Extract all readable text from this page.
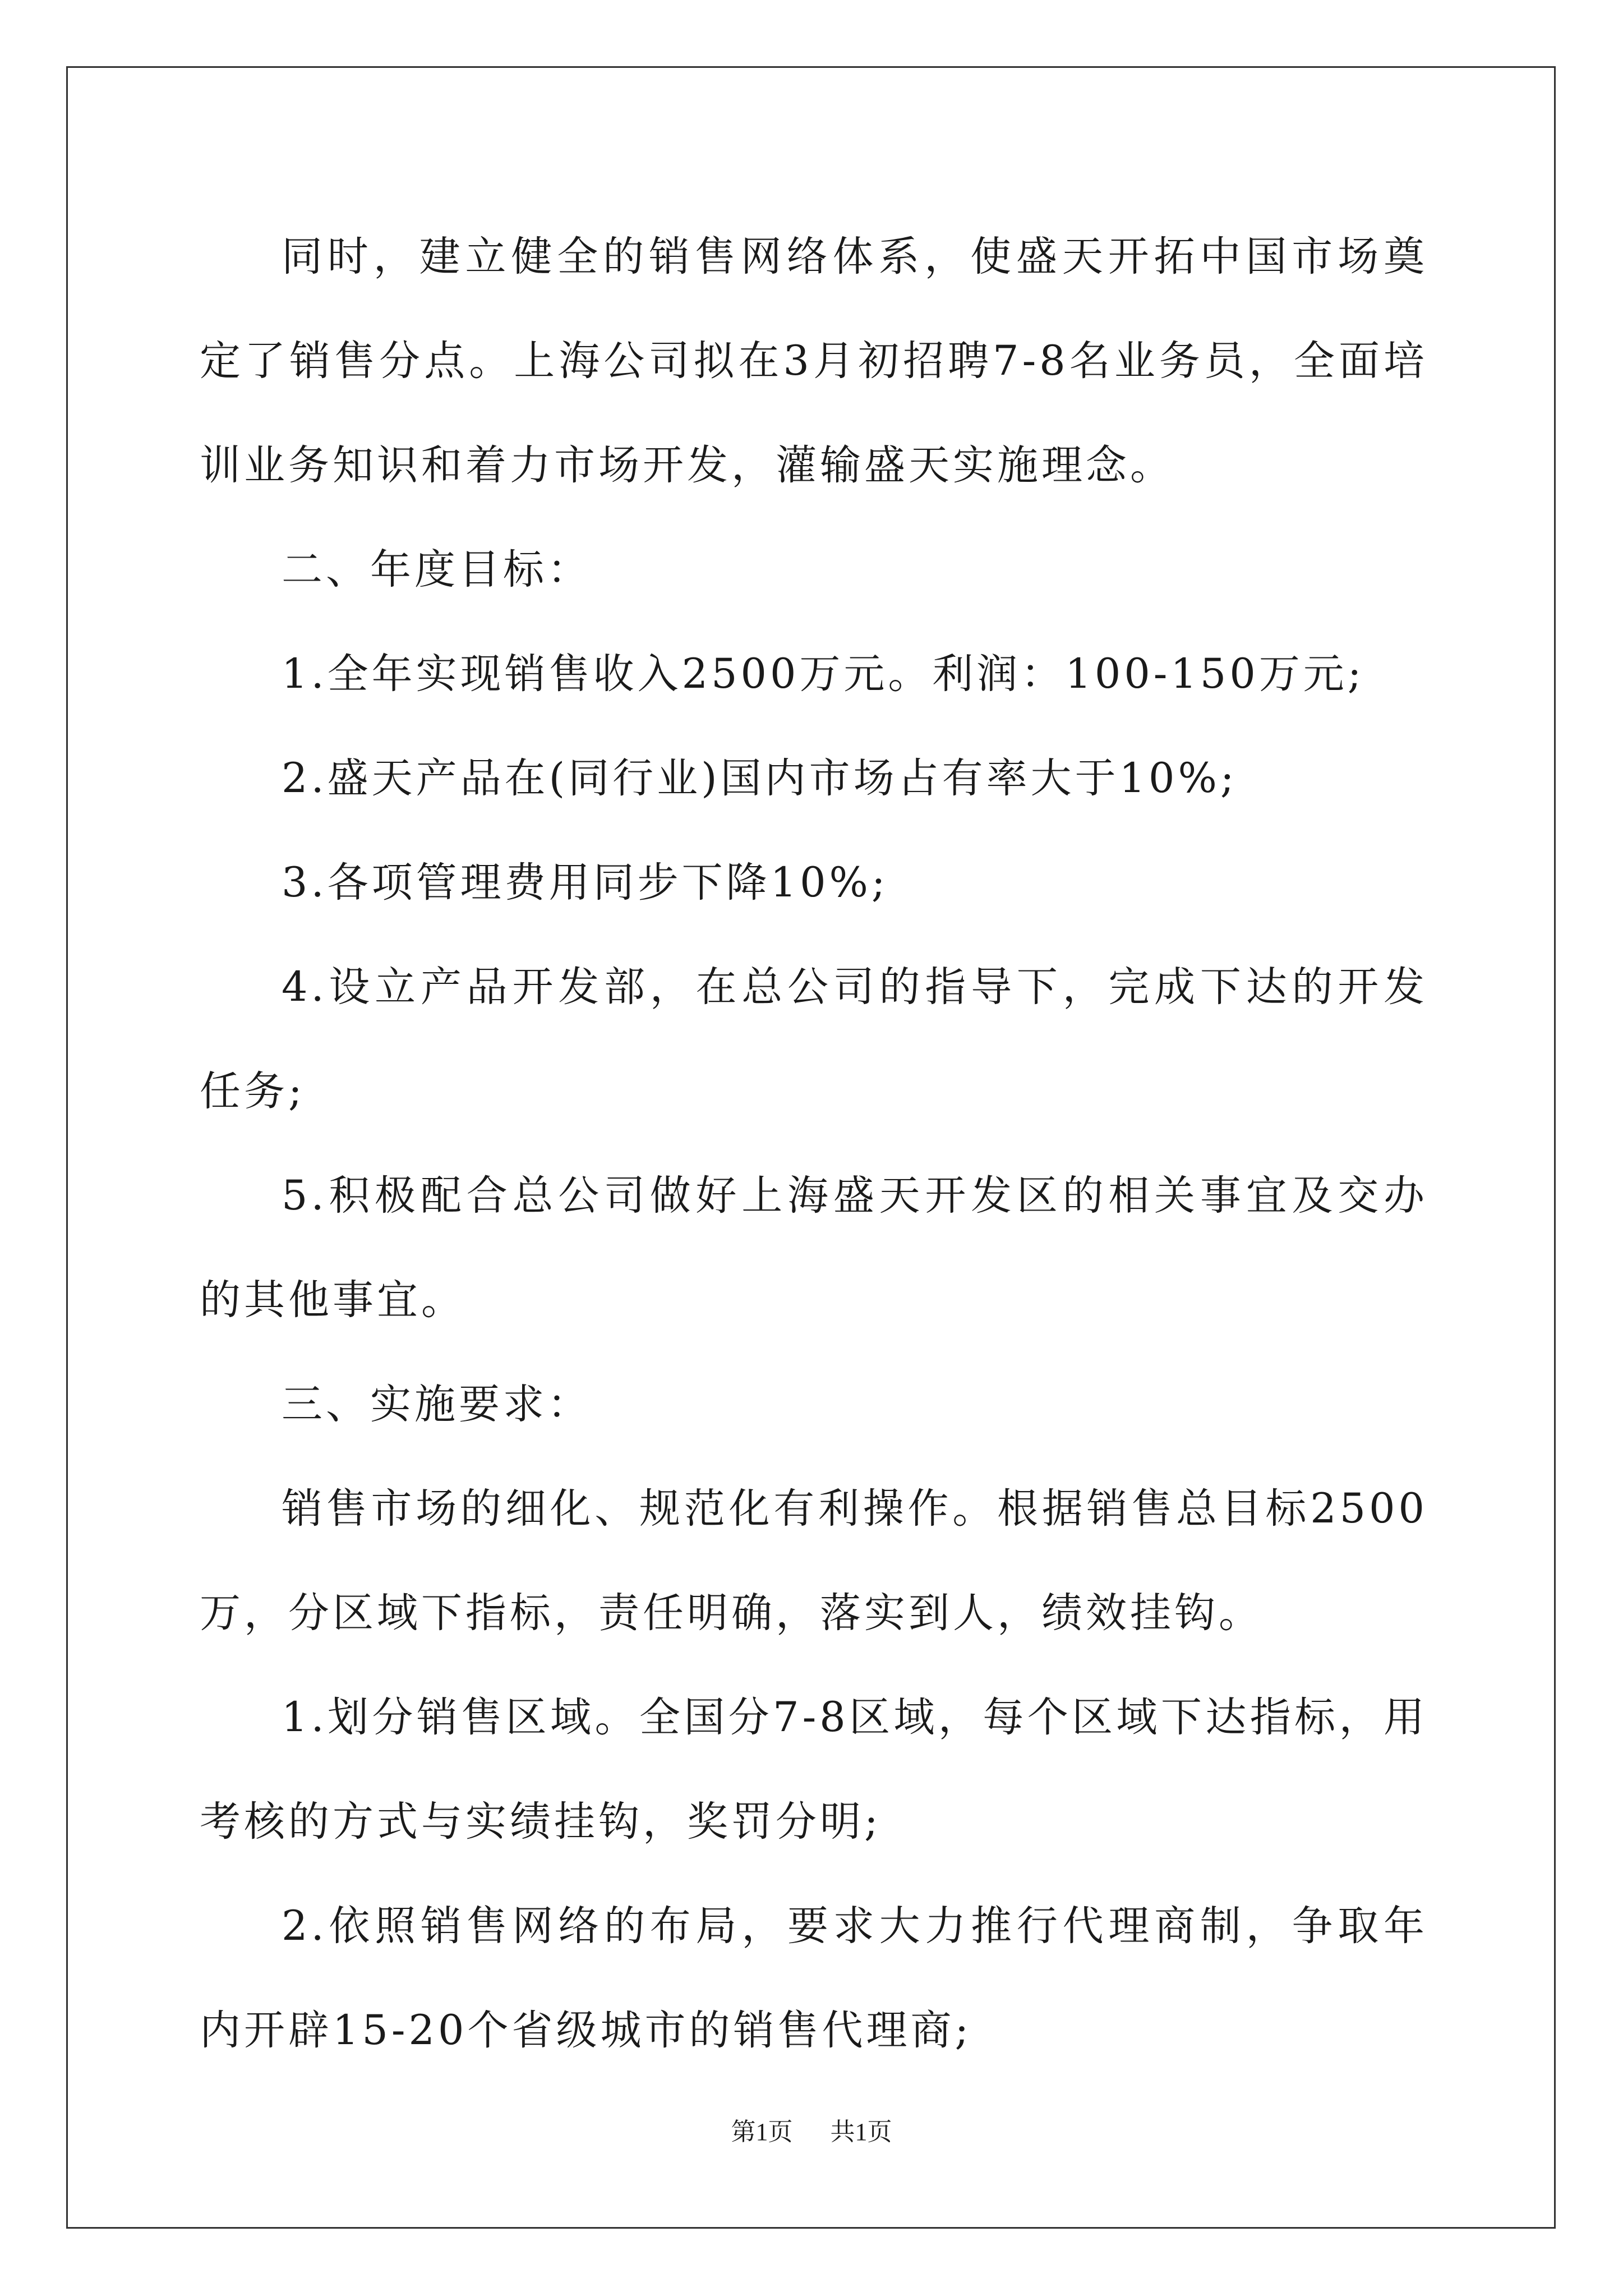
同时，建立健全的销售网络体系，使盛天开拓中国市场奠定了销售分点。上海公司拟在3月初招聘7-8名业务员，全面培训业务知识和着力市场开发，灌输盛天实施理念。

二、年度目标：

1.全年实现销售收入2500万元。利润：100-150万元;

2.盛天产品在(同行业)国内市场占有率大于10%;

3.各项管理费用同步下降10%;

4.设立产品开发部，在总公司的指导下，完成下达的开发任务;

5.积极配合总公司做好上海盛天开发区的相关事宜及交办的其他事宜。

三、实施要求：

销售市场的细化、规范化有利操作。根据销售总目标2500万，分区域下指标，责任明确，落实到人，绩效挂钩。

1.划分销售区域。全国分7-8区域，每个区域下达指标，用考核的方式与实绩挂钩，奖罚分明;

2.依照销售网络的布局，要求大力推行代理商制，争取年内开辟15-20个省级城市的销售代理商;

第1页 共1页
